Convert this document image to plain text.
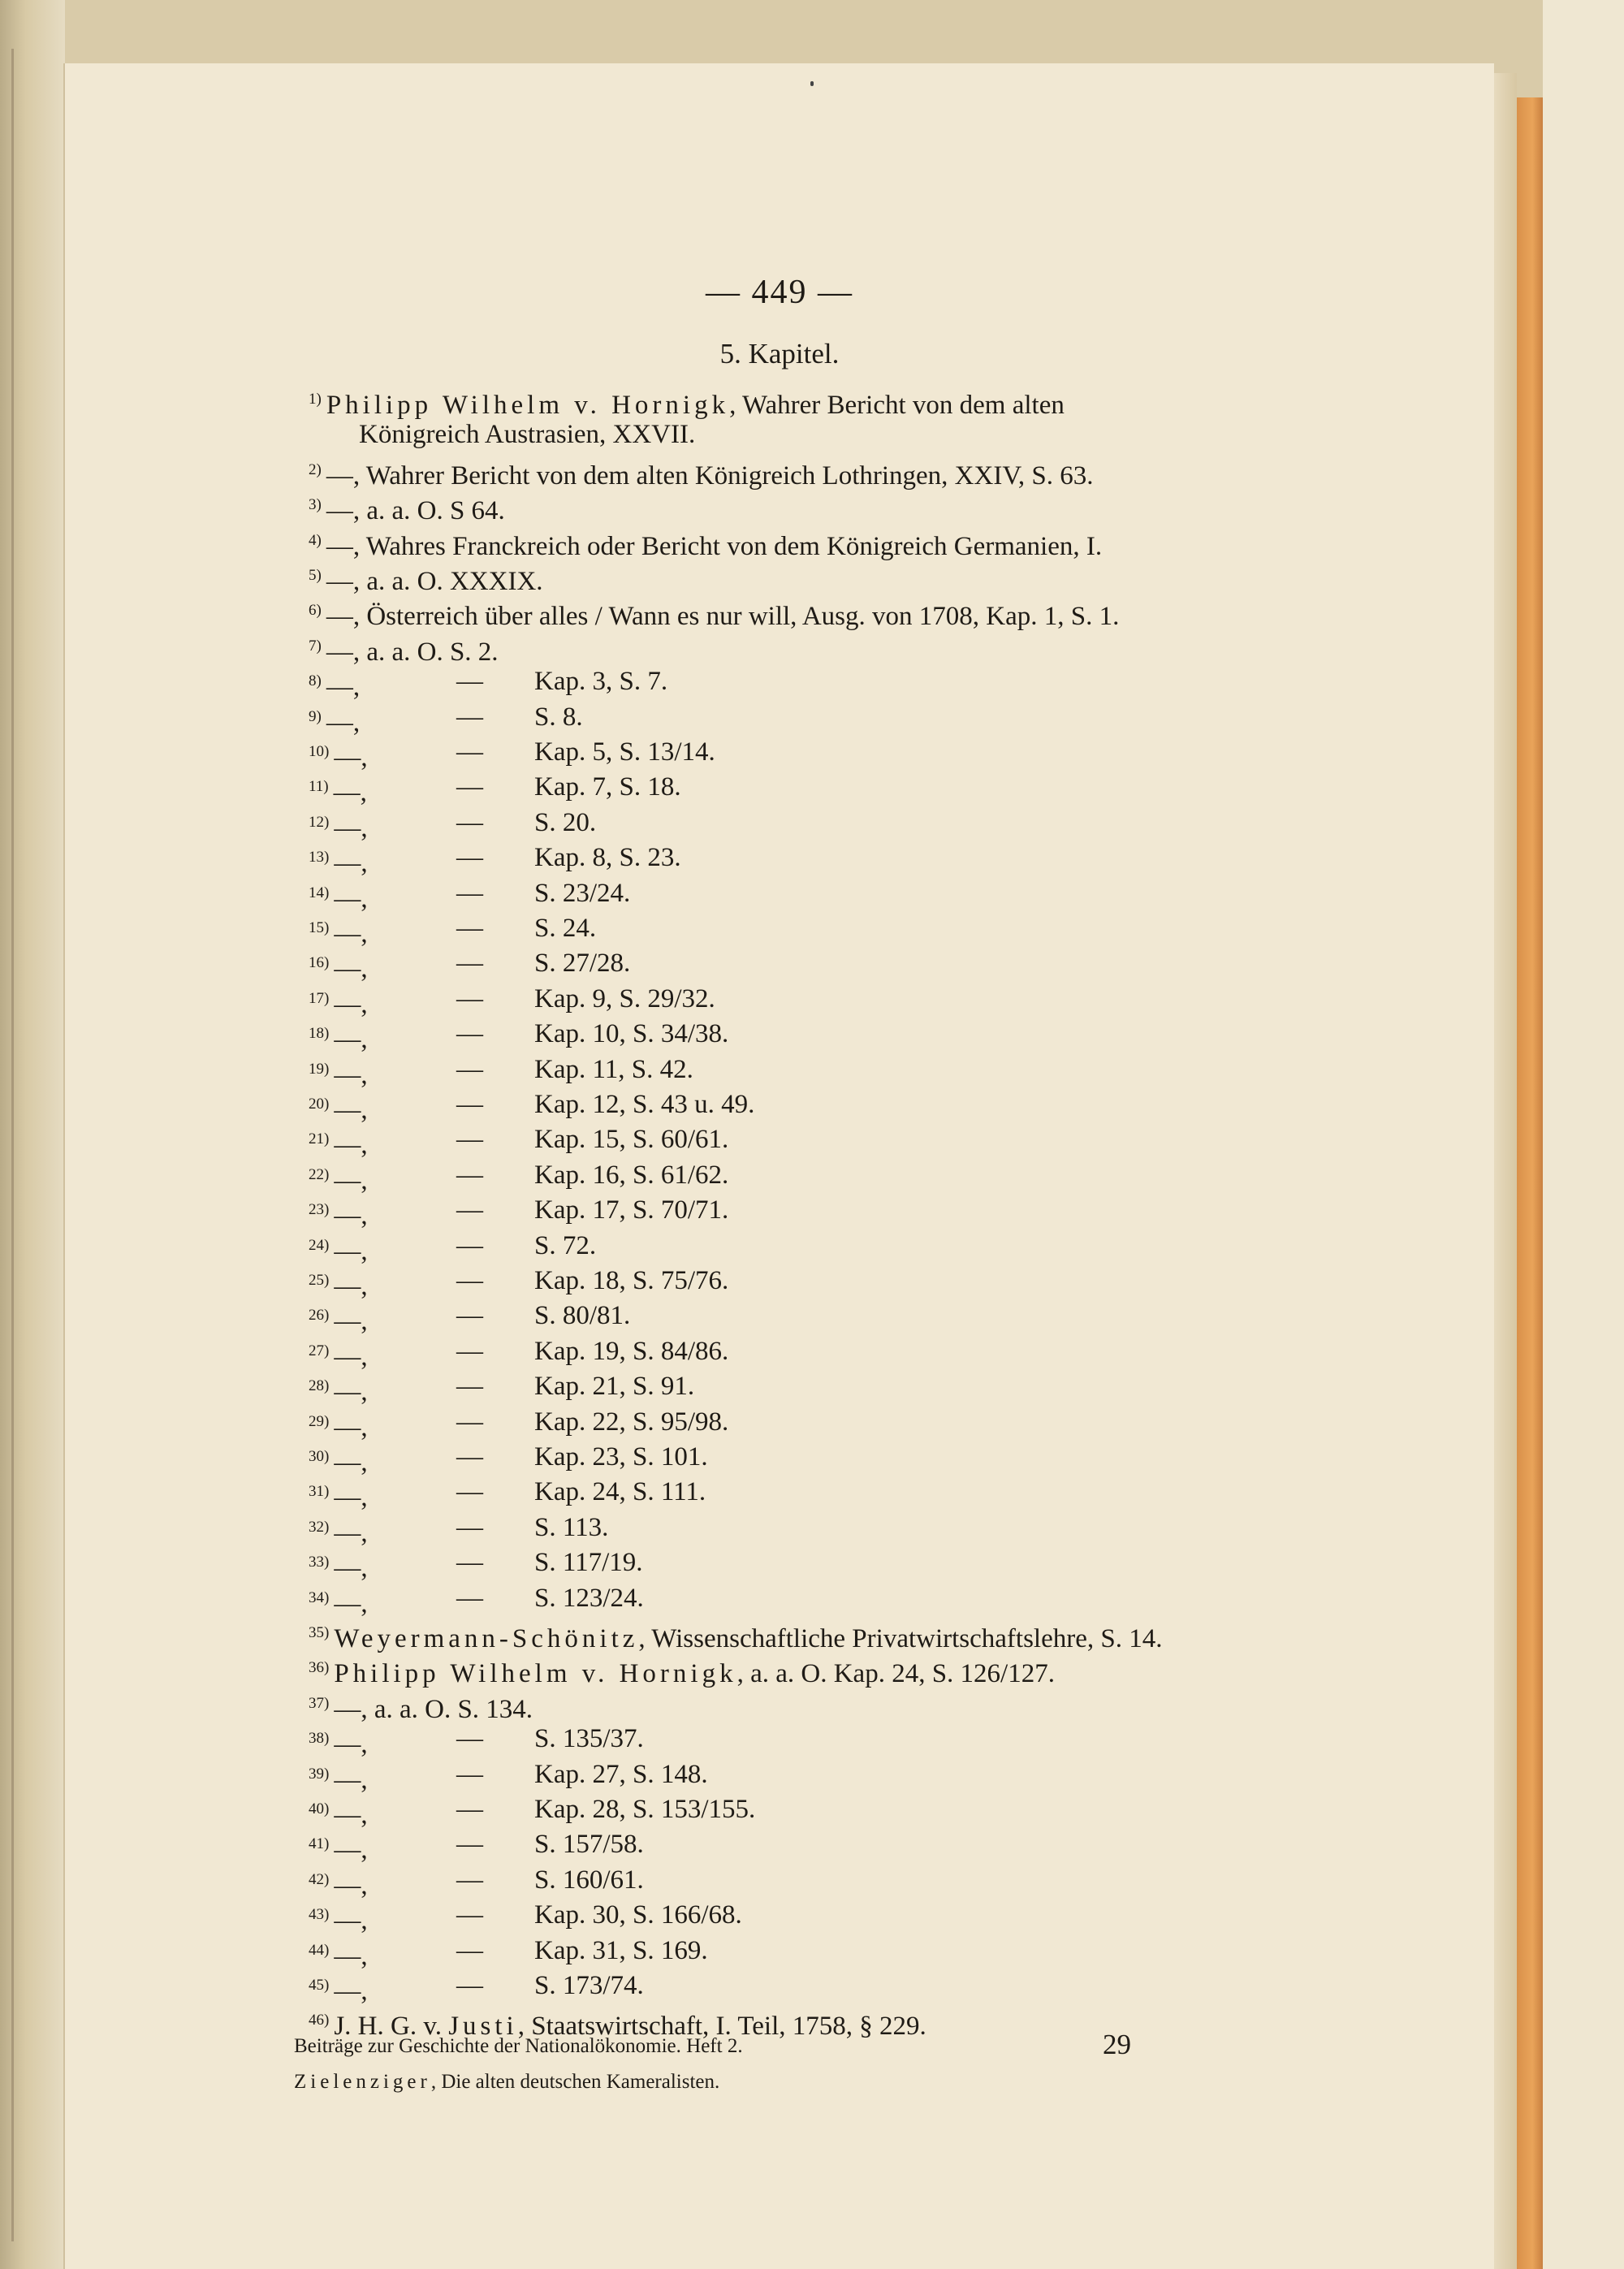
— 449 —
5. Kapitel.
$^{1)}$ Philipp Wilhelm v. Hornigk, Wahrer Bericht von dem alten
Königreich Austrasien, XXVII.
$^{2)}$ —, Wahrer Bericht von dem alten Königreich Lothringen, XXIV, S. 63.
$^{3)}$ —, a. a. O. S 64.
$^{4)}$ —, Wahres Franckreich oder Bericht von dem Königreich Germanien, I.
$^{5)}$ —, a. a. O. XXXIX.
$^{6)}$ —, Österreich über alles / Wann es nur will, Ausg. von 1708, Kap. 1, S. 1.
$^{7)}$ —, a. a. O. S. 2.
$^{8)}$ —,	— Kap. 3, S. 7.
$^{9)}$ —,	— S. 8.
$^{10)}$ —,	— Kap. 5, S. 13/14.
$^{11)}$ —,	— Kap. 7, S. 18.
$^{12)}$ —,	— S. 20.
$^{13)}$ —,	— Kap. 8, S. 23.
$^{14)}$ —,	— S. 23/24.
$^{15)}$ —,	— S. 24.
$^{16)}$ —,	— S. 27/28.
$^{17)}$ —,	— Kap. 9, S. 29/32.
$^{18)}$ —,	— Kap. 10, S. 34/38.
$^{19)}$ —,	— Kap. 11, S. 42.
$^{20)}$ —,	— Kap. 12, S. 43 u. 49.
$^{21)}$ —,	— Kap. 15, S. 60/61.
$^{22)}$ —,	— Kap. 16, S. 61/62.
$^{23)}$ —,	— Kap. 17, S. 70/71.
$^{24)}$ —,	— S. 72.
$^{25)}$ —,	— Kap. 18, S. 75/76.
$^{26)}$ —,	— S. 80/81.
$^{27)}$ —,	— Kap. 19, S. 84/86.
$^{28)}$ —,	— Kap. 21, S. 91.
$^{29)}$ —,	— Kap. 22, S. 95/98.
$^{30)}$ —,	— Kap. 23, S. 101.
$^{31)}$ —,	— Kap. 24, S. 111.
$^{32)}$ —,	— S. 113.
$^{33)}$ —,	— S. 117/19.
$^{34)}$ —,	— S. 123/24.
$^{35)}$ Weyermann-Schönitz, Wissenschaftliche Privatwirtschaftslehre, S. 14.
$^{36)}$ Philipp Wilhelm v. Hornigk, a. a. O. Kap. 24, S. 126/127.
$^{37)}$ —, a. a. O. S. 134.
$^{38)}$ —,	— S. 135/37.
$^{39)}$ —,	— Kap. 27, S. 148.
$^{40)}$ —,	— Kap. 28, S. 153/155.
$^{41)}$ —,	— S. 157/58.
$^{42)}$ —,	— S. 160/61.
$^{43)}$ —,	— Kap. 30, S. 166/68.
$^{44)}$ —,	— Kap. 31, S. 169.
$^{45)}$ —,	— S. 173/74.
$^{46)}$ J. H. G. v. Justi, Staatswirtschaft, I. Teil, 1758, § 229.
Beiträge zur Geschichte der Nationalökonomie. Heft 2.
Zielenziger, Die alten deutschen Kameralisten.
29
